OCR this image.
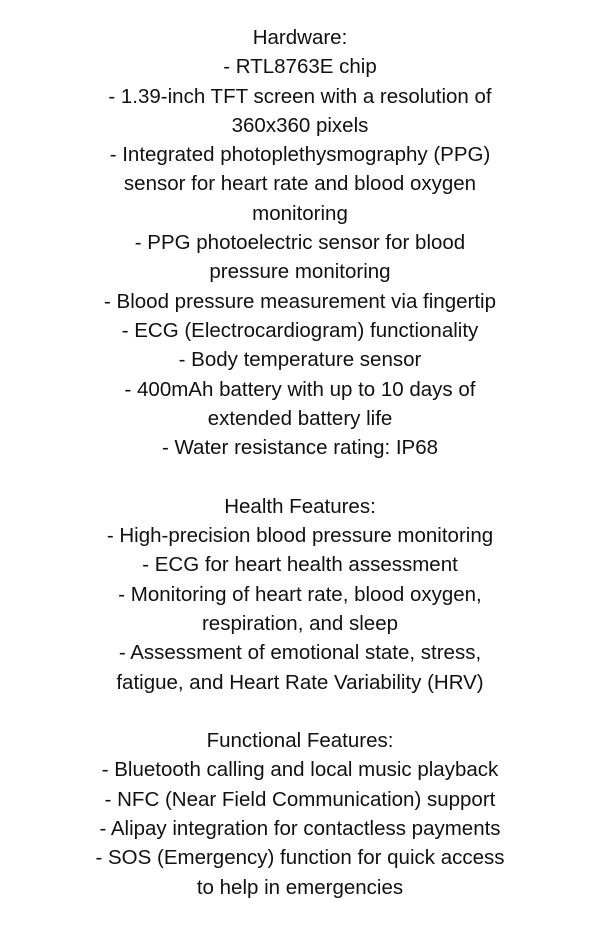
Hardware:
- RTL8763E chip
- 1.39-inch TFT screen with a resolution of
360x360 pixels
- Integrated photoplethysmography (PPG)
sensor for heart rate and blood oxygen
monitoring
- PPG photoelectric sensor for blood
pressure monitoring
- Blood pressure measurement via fingertip
- ECG (Electrocardiogram) functionality
- Body temperature sensor
- 400mAh battery with up to 10 days of
extended battery life
- Water resistance rating: IP68
Health Features:
- High-precision blood pressure monitoring
- ECG for heart health assessment
- Monitoring of heart rate, blood oxygen,
respiration, and sleep
- Assessment of emotional state, stress,
fatigue, and Heart Rate Variability (HRV)
Functional Features:
- Bluetooth calling and local music playback
- NFC (Near Field Communication) support
- Alipay integration for contactless payments
- SOS (Emergency) function for quick access
to help in emergencies
